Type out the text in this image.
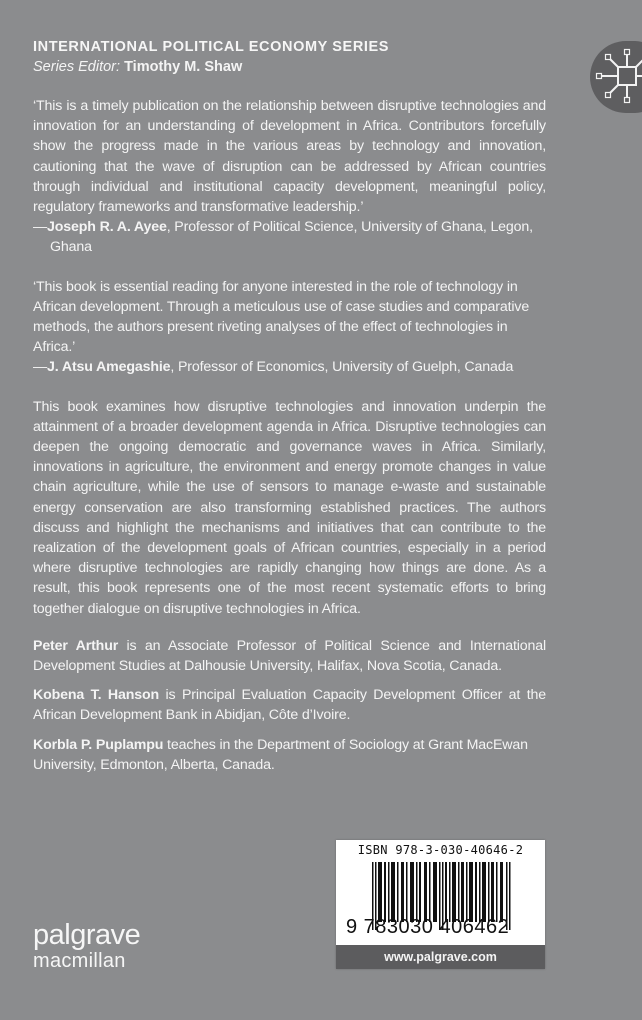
INTERNATIONAL POLITICAL ECONOMY SERIES
Series Editor: Timothy M. Shaw

‘This is a timely publication on the relationship between disruptive technologies and innovation for an understanding of development in Africa. Contributors forcefully show the progress made in the various areas by technology and innovation, cautioning that the wave of disruption can be addressed by African countries through individual and institutional capacity development, meaningful policy, regulatory frameworks and transformative leadership.’

—Joseph R. A. Ayee, Professor of Political Science, University of Ghana, Legon, Ghana

‘This book is essential reading for anyone interested in the role of technology in African development. Through a meticulous use of case studies and comparative methods, the authors present riveting analyses of the effect of technologies in Africa.’

—J. Atsu Amegashie, Professor of Economics, University of Guelph, Canada

This book examines how disruptive technologies and innovation underpin the attainment of a broader development agenda in Africa. Disruptive technologies can deepen the ongoing democratic and governance waves in Africa. Similarly, innovations in agriculture, the environment and energy promote changes in value chain agriculture, while the use of sensors to manage e-waste and sustainable energy conservation are also transforming established practices. The authors discuss and highlight the mechanisms and initiatives that can contribute to the realization of the development goals of African countries, especially in a period where disruptive technologies are rapidly changing how things are done. As a result, this book represents one of the most recent systematic efforts to bring together dialogue on disruptive technologies in Africa.

Peter Arthur is an Associate Professor of Political Science and International Development Studies at Dalhousie University, Halifax, Nova Scotia, Canada.

Kobena T. Hanson is Principal Evaluation Capacity Development Officer at the African Development Bank in Abidjan, Côte d’Ivoire.

Korbla P. Puplampu teaches in the Department of Sociology at Grant MacEwan University, Edmonton, Alberta, Canada.

palgrave
macmillan
ISBN 978-3-030-40646-2
9 783030 406462
www.palgrave.com
